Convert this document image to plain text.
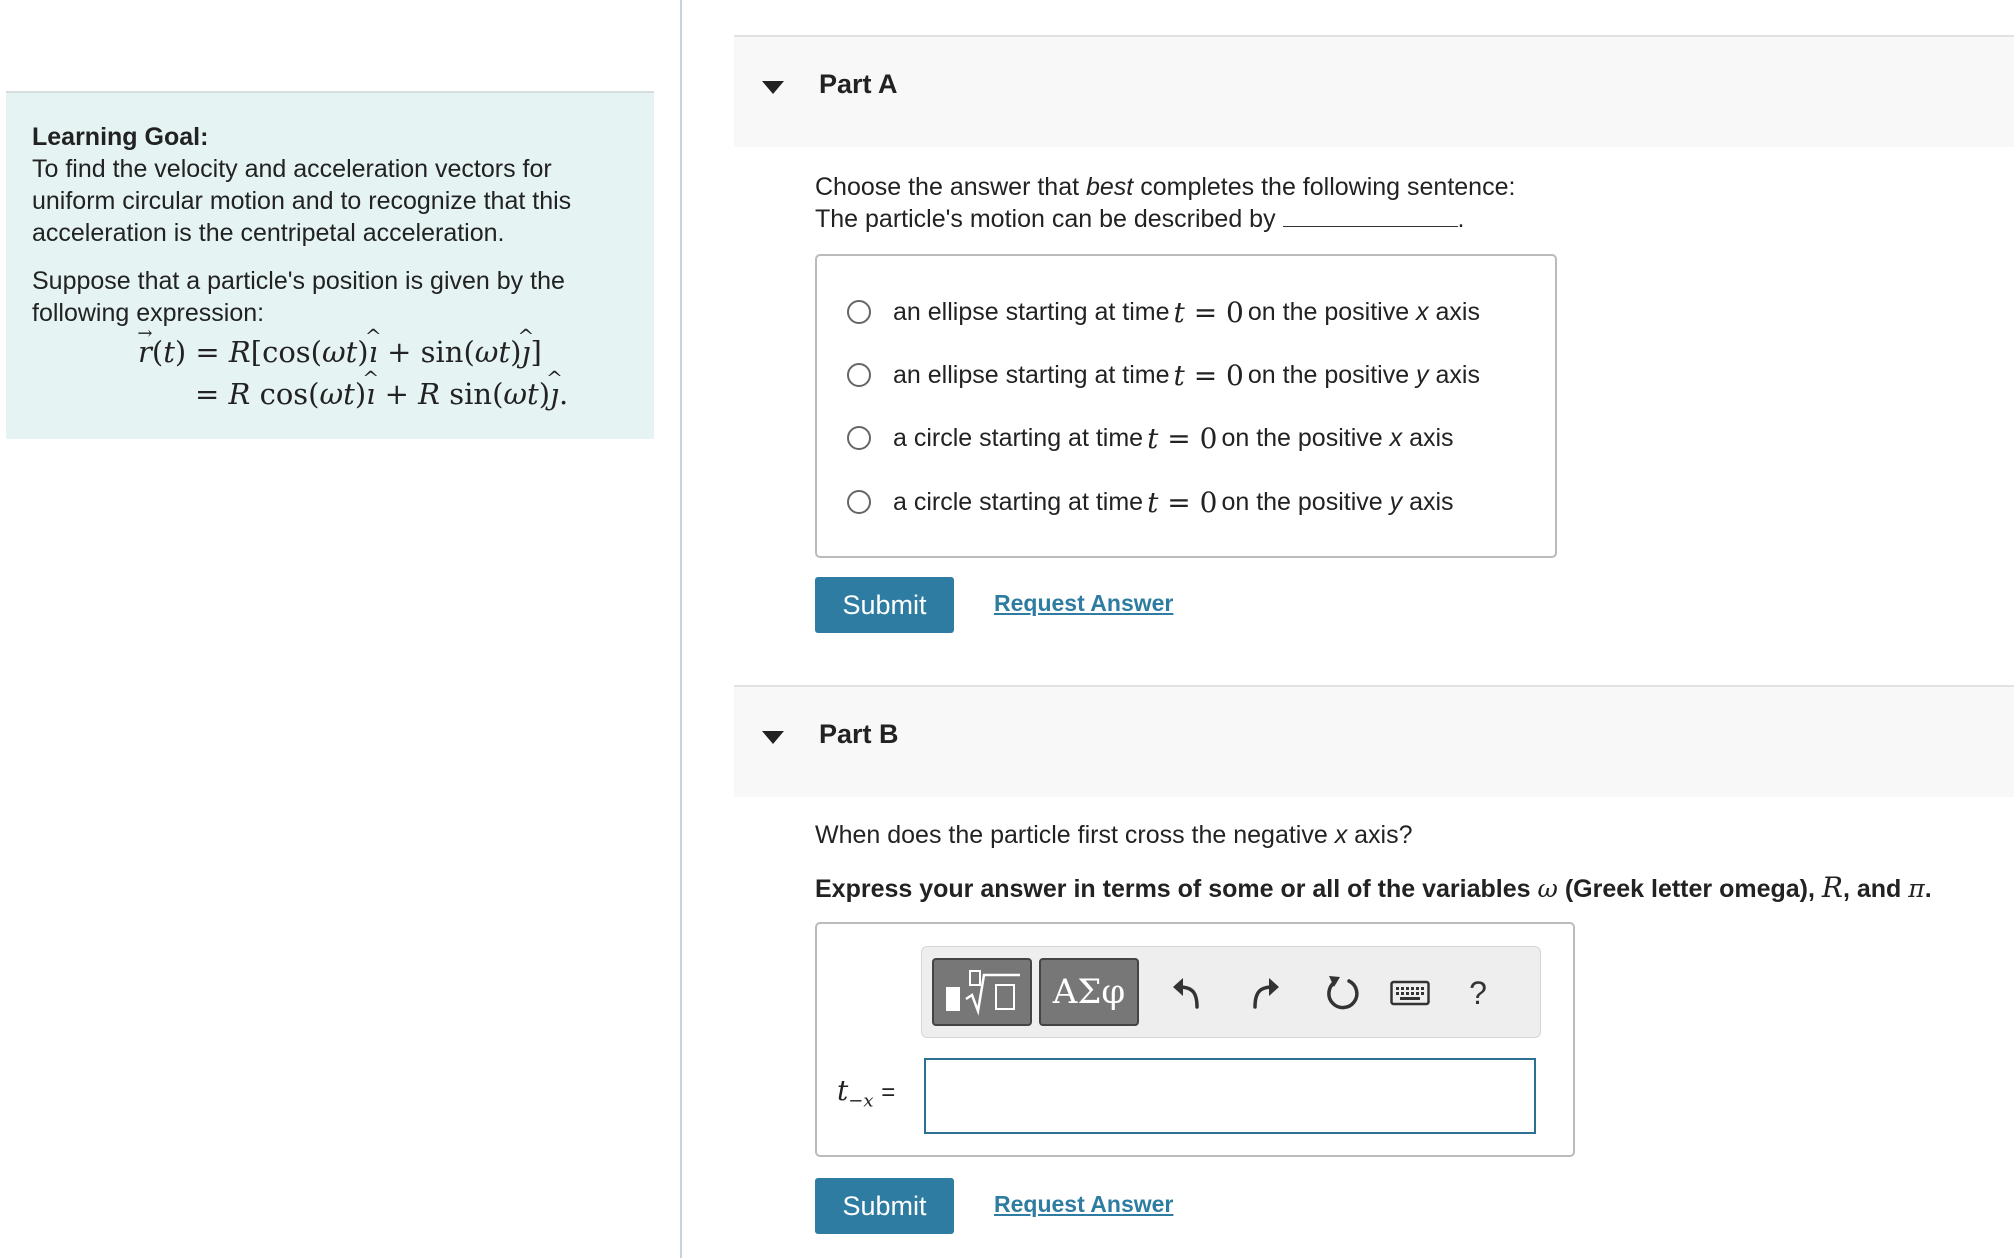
Learning Goal:
To find the velocity and acceleration vectors for uniform circular motion and to recognize that this acceleration is the centripetal acceleration.
Suppose that a particle's position is given by the following expression:
→ r(t) = R[cos(ωt)^ ı + sin(ωt)^ ȷ]
= R cos(ωt)^ ı + R sin(ωt)^ ȷ.
Part A
Choose the answer that best completes the following sentence:
The particle's motion can be described by	.
an ellipse starting at time t = 0 on the positive
x
axis
an ellipse starting at time t = 0 on the positive
y
axis
a circle starting at time t = 0 on the positive
x
axis
a circle starting at time t = 0 on the positive
y
axis
Submit	Request Answer
Part B
When does the particle first cross the negative x axis?
Express your answer in terms of some or all of the variables ω (Greek letter omega), R, and π.
ΑΣφ	?
$t_{-x}$ =
Submit	Request Answer
